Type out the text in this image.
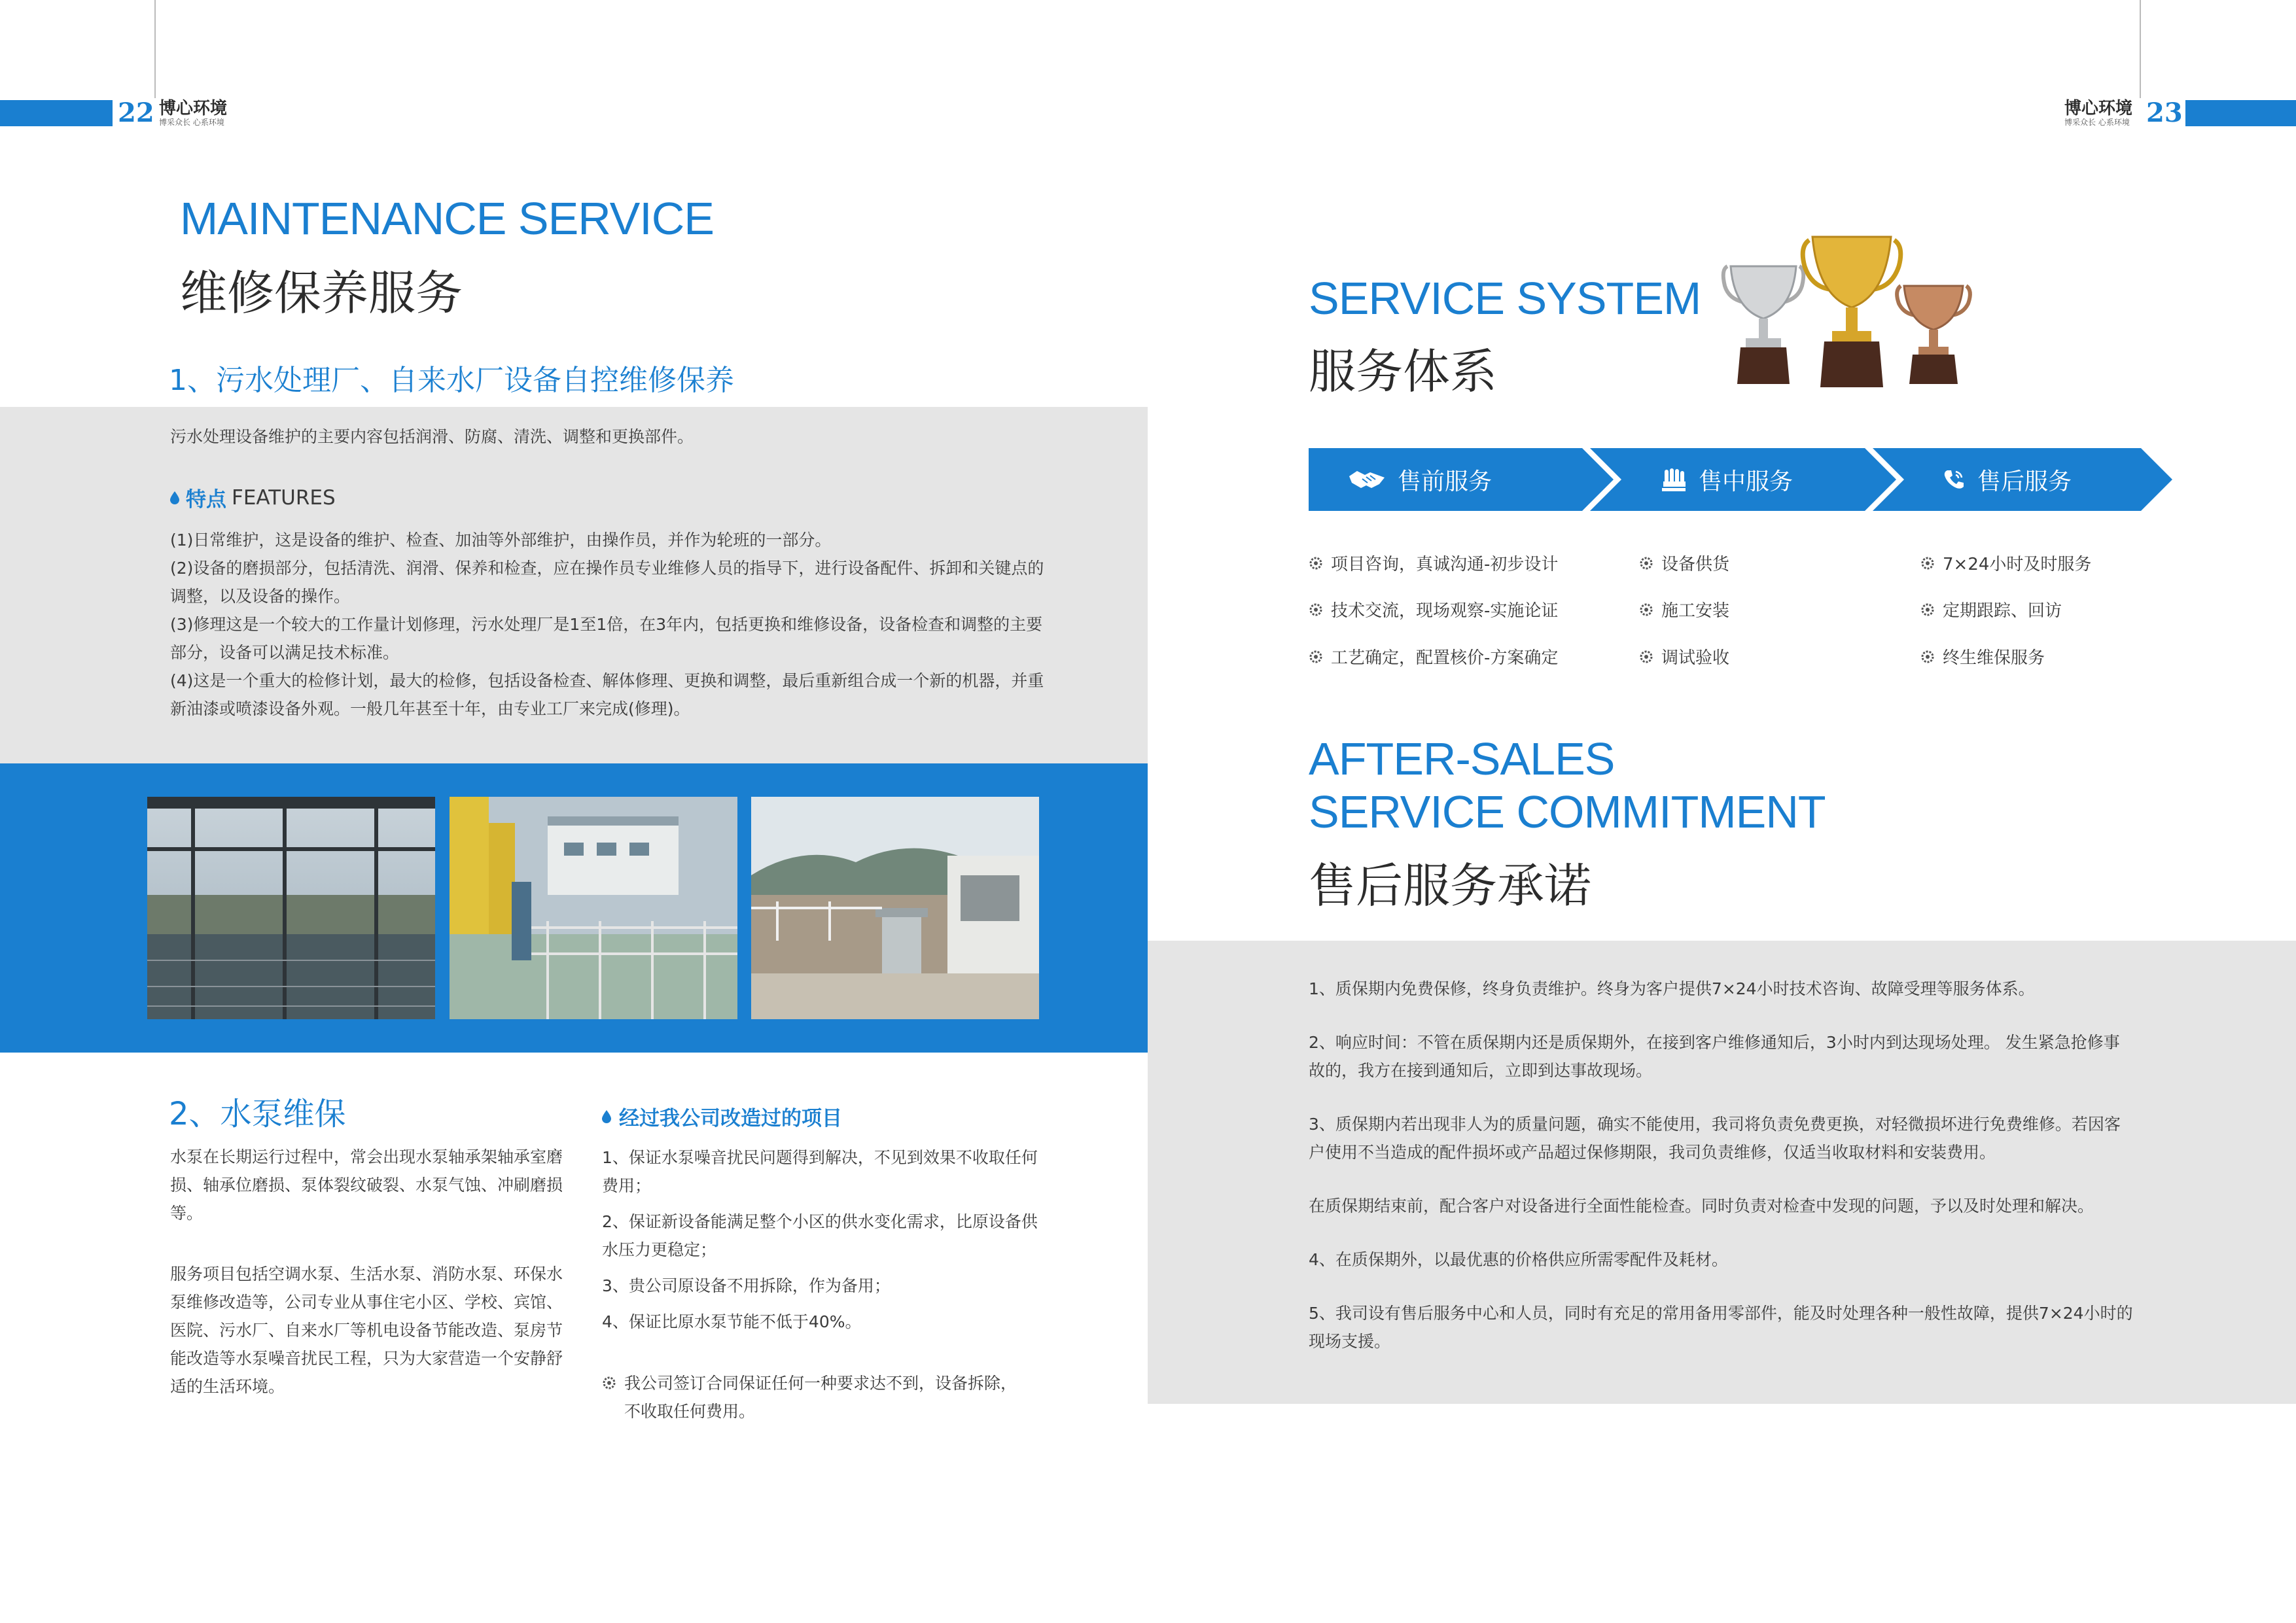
22 博心环境
博采众长 心系环境
博心环境
博采众长 心系环境 23
MAINTENANCE SERVICE
维修保养服务
1、污水处理厂、自来水厂设备自控维修保养
污水处理设备维护的主要内容包括润滑、防腐、清洗、调整和更换部件。
特点 FEATURES

(1)日常维护，这是设备的维护、检查、加油等外部维护，由操作员，并作为轮班的一部分。

(2)设备的磨损部分，包括清洗、润滑、保养和检查，应在操作员专业维修人员的指导下，进行设备配件、拆卸和关键点的调整，以及设备的操作。

(3)修理这是一个较大的工作量计划修理，污水处理厂是1至1倍，在3年内，包括更换和维修设备，设备检查和调整的主要部分，设备可以满足技术标准。

(4)这是一个重大的检修计划，最大的检修，包括设备检查、解体修理、更换和调整，最后重新组合成一个新的机器，并重新油漆或喷漆设备外观。一般几年甚至十年，由专业工厂来完成(修理)。

2、水泵维保
水泵在长期运行过程中，常会出现水泵轴承架轴承室磨损、轴承位磨损、泵体裂纹破裂、水泵气蚀、冲刷磨损等。
服务项目包括空调水泵、生活水泵、消防水泵、环保水泵维修改造等，公司专业从事住宅小区、学校、宾馆、医院、污水厂、自来水厂等机电设备节能改造、泵房节能改造等水泵噪音扰民工程，只为大家营造一个安静舒适的生活环境。
经过我公司改造过的项目

1、保证水泵噪音扰民问题得到解决，不见到效果不收取任何费用；

2、保证新设备能满足整个小区的供水变化需求，比原设备供水压力更稳定；

3、贵公司原设备不用拆除，作为备用；

4、保证比原水泵节能不低于40%。

我公司签订合同保证任何一种要求达不到，设备拆除，不收取任何费用。
SERVICE SYSTEM
服务体系
售前服务	售中服务	售后服务
项目咨询，真诚沟通-初步设计
技术交流，现场观察-实施论证
工艺确定，配置核价-方案确定
设备供货
施工安装
调试验收
7×24小时及时服务
定期跟踪、回访
终生维保服务
AFTER-SALES
SERVICE COMMITMENT
售后服务承诺

1、质保期内免费保修，终身负责维护。终身为客户提供7×24小时技术咨询、故障受理等服务体系。

2、响应时间：不管在质保期内还是质保期外，在接到客户维修通知后，3小时内到达现场处理。 发生紧急抢修事故的，我方在接到通知后，立即到达事故现场。

3、质保期内若出现非人为的质量问题，确实不能使用，我司将负责免费更换，对轻微损坏进行免费维修。若因客户使用不当造成的配件损坏或产品超过保修期限，我司负责维修，仅适当收取材料和安装费用。

在质保期结束前，配合客户对设备进行全面性能检查。同时负责对检查中发现的问题，予以及时处理和解决。

4、在质保期外，以最优惠的价格供应所需零配件及耗材。

5、我司设有售后服务中心和人员，同时有充足的常用备用零部件，能及时处理各种一般性故障，提供7×24小时的现场支援。
